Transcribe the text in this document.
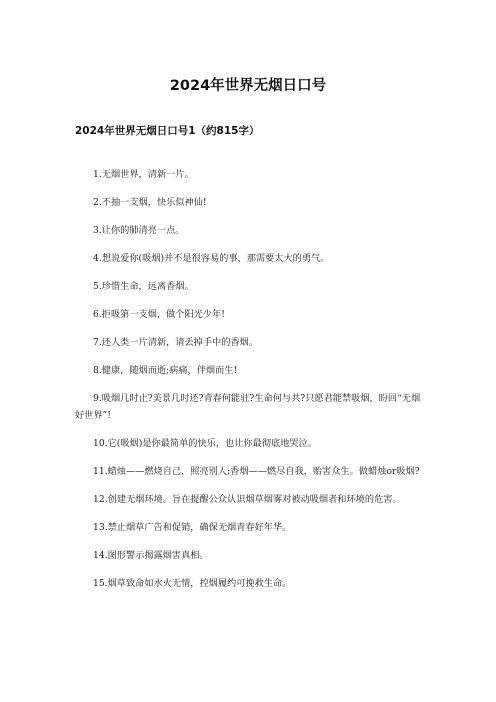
2024年世界无烟日口号
2024年世界无烟日口号1（约815字）
1.无烟世界，清新一片。
2.不抽一支烟，快乐似神仙!
3.让你的肺清亮一点。
4.想说爱你(吸烟)并不是很容易的事，那需要太大的勇气。
5.珍惜生命，远离香烟。
6.拒吸第一支烟，做个阳光少年!
7.还人类一片清新，请丢掉手中的香烟。
8.健康，随烟而逝;病痛，伴烟而生!
9.吸烟几时止?美景几时还?青春何能驻?生命何与共?只愿君能禁吸烟，盼回“无烟好世界”!
10.它(吸烟)是你最简单的快乐，也让你最彻底地哭泣。
11.蜡烛——燃烧自己，照亮别人;香烟——燃尽自我，贻害众生。做蜡烛or吸烟?
12.创建无烟环境。旨在提醒公众认识烟草烟雾对被动吸烟者和环境的危害。
13.禁止烟草广告和促销，确保无烟青春好年华。
14.图形警示揭露烟害真相。
15.烟草致命如水火无情，控烟履约可挽救生命。
